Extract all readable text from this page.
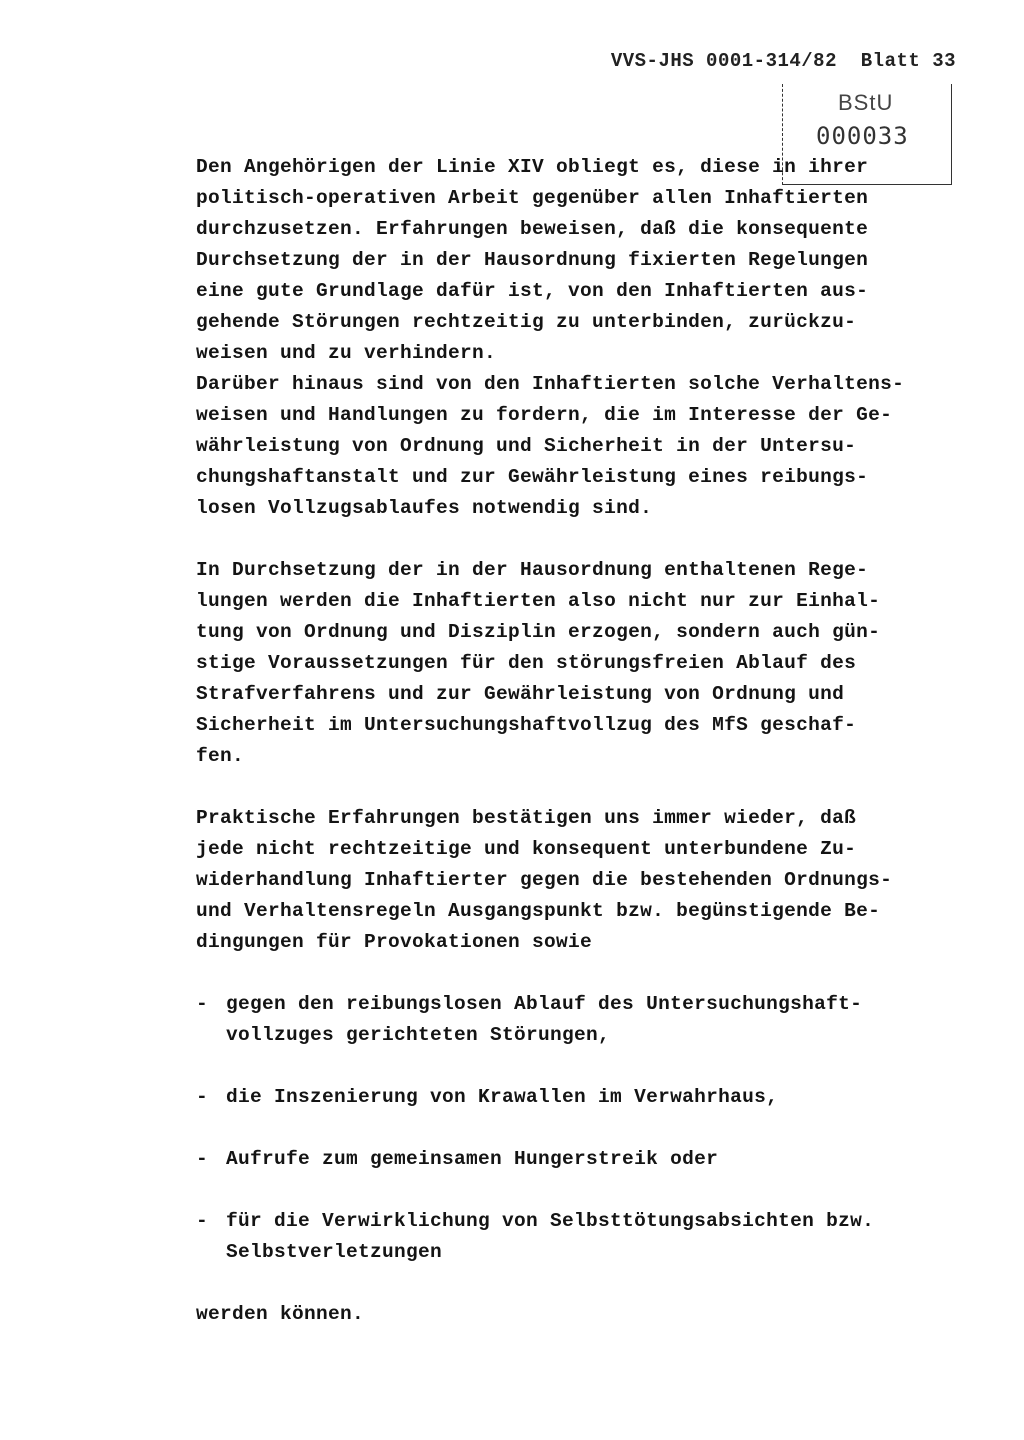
VVS-JHS 0001-314/82  Blatt 33
BStU
000033
Den Angehörigen der Linie XIV obliegt es, diese in ihrer
politisch-operativen Arbeit gegenüber allen Inhaftierten
durchzusetzen. Erfahrungen beweisen, daß die konsequente
Durchsetzung der in der Hausordnung fixierten Regelungen
eine gute Grundlage dafür ist, von den Inhaftierten aus-
gehende Störungen rechtzeitig zu unterbinden, zurückzu-
weisen und zu verhindern.
Darüber hinaus sind von den Inhaftierten solche Verhaltens-
weisen und Handlungen zu fordern, die im Interesse der Ge-
währleistung von Ordnung und Sicherheit in der Untersu-
chungshaftanstalt und zur Gewährleistung eines reibungs-
losen Vollzugsablaufes notwendig sind.
In Durchsetzung der in der Hausordnung enthaltenen Rege-
lungen werden die Inhaftierten also nicht nur zur Einhal-
tung von Ordnung und Disziplin erzogen, sondern auch gün-
stige Voraussetzungen für den störungsfreien Ablauf des
Strafverfahrens und zur Gewährleistung von Ordnung und
Sicherheit im Untersuchungshaftvollzug des MfS geschaf-
fen.
Praktische Erfahrungen bestätigen uns immer wieder, daß
jede nicht rechtzeitige und konsequent unterbundene Zu-
widerhandlung Inhaftierter gegen die bestehenden Ordnungs-
und Verhaltensregeln Ausgangspunkt bzw. begünstigende Be-
dingungen für Provokationen sowie
- gegen den reibungslosen Ablauf des Untersuchungshaft-
vollzuges gerichteten Störungen,
- die Inszenierung von Krawallen im Verwahrhaus,
- Aufrufe zum gemeinsamen Hungerstreik oder
- für die Verwirklichung von Selbsttötungsabsichten bzw.
Selbstverletzungen
werden können.
